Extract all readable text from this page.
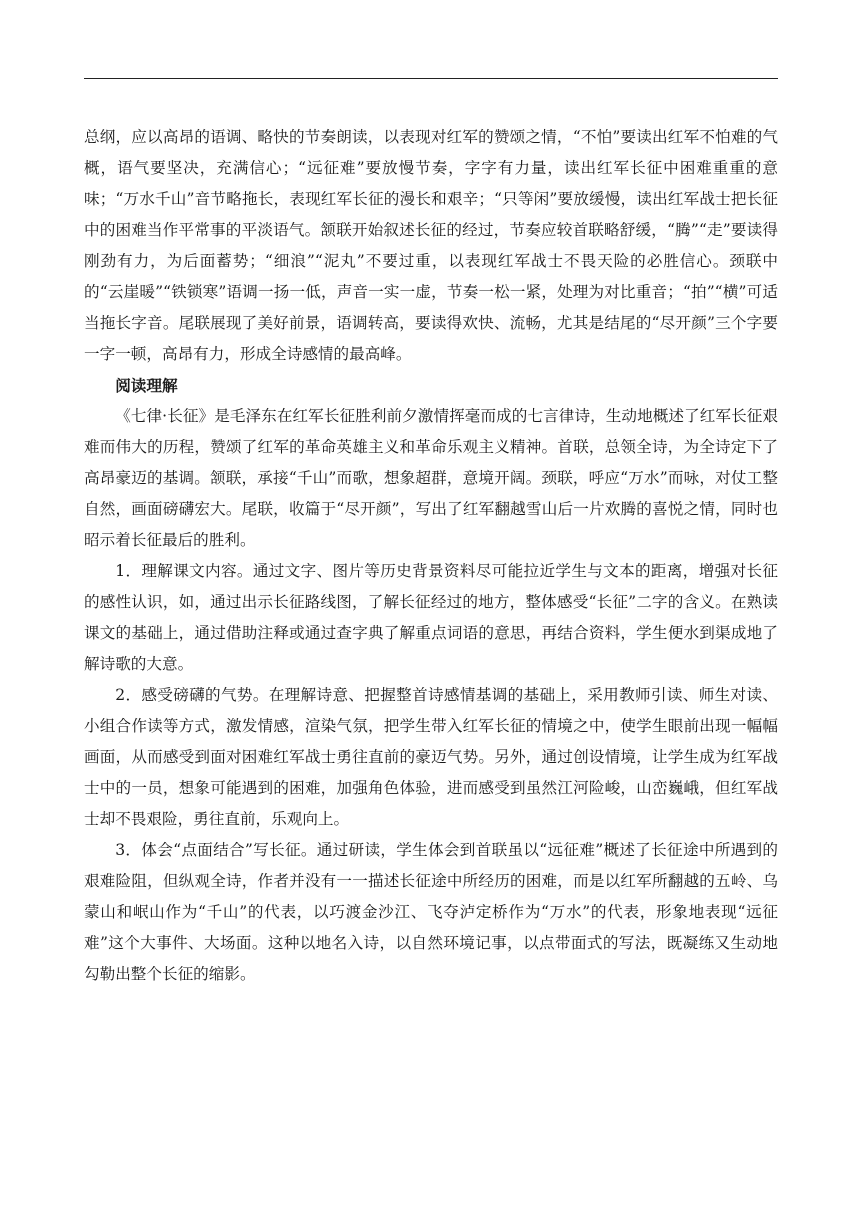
总纲，应以高昂的语调、略快的节奏朗读，以表现对红军的赞颂之情，“不怕”要读出红军不怕难的气概，语气要坚决，充满信心；“远征难”要放慢节奏，字字有力量，读出红军长征中困难重重的意味；“万水千山”音节略拖长，表现红军长征的漫长和艰辛；“只等闲”要放缓慢，读出红军战士把长征中的困难当作平常事的平淡语气。颔联开始叙述长征的经过，节奏应较首联略舒缓，“腾”“走”要读得刚劲有力，为后面蓄势；“细浪”“泥丸”不要过重，以表现红军战士不畏天险的必胜信心。颈联中的“云崖暖”“铁锁寒”语调一扬一低，声音一实一虚，节奏一松一紧，处理为对比重音；“拍”“横”可适当拖长字音。尾联展现了美好前景，语调转高，要读得欢快、流畅，尤其是结尾的“尽开颜”三个字要一字一顿，高昂有力，形成全诗感情的最高峰。

阅读理解

《七律·长征》是毛泽东在红军长征胜利前夕激情挥毫而成的七言律诗，生动地概述了红军长征艰难而伟大的历程，赞颂了红军的革命英雄主义和革命乐观主义精神。首联，总领全诗，为全诗定下了高昂豪迈的基调。颔联，承接“千山”而歌，想象超群，意境开阔。颈联，呼应“万水”而咏，对仗工整自然，画面磅礴宏大。尾联，收篇于“尽开颜”，写出了红军翻越雪山后一片欢腾的喜悦之情，同时也昭示着长征最后的胜利。

1．理解课文内容。通过文字、图片等历史背景资料尽可能拉近学生与文本的距离，增强对长征的感性认识，如，通过出示长征路线图，了解长征经过的地方，整体感受“长征”二字的含义。在熟读课文的基础上，通过借助注释或通过查字典了解重点词语的意思，再结合资料，学生便水到渠成地了解诗歌的大意。

2．感受磅礴的气势。在理解诗意、把握整首诗感情基调的基础上，采用教师引读、师生对读、小组合作读等方式，激发情感，渲染气氛，把学生带入红军长征的情境之中，使学生眼前出现一幅幅画面，从而感受到面对困难红军战士勇往直前的豪迈气势。另外，通过创设情境，让学生成为红军战士中的一员，想象可能遇到的困难，加强角色体验，进而感受到虽然江河险峻，山峦巍峨，但红军战士却不畏艰险，勇往直前，乐观向上。

3．体会“点面结合”写长征。通过研读，学生体会到首联虽以“远征难”概述了长征途中所遇到的艰难险阻，但纵观全诗，作者并没有一一描述长征途中所经历的困难，而是以红军所翻越的五岭、乌蒙山和岷山作为“千山”的代表，以巧渡金沙江、飞夺泸定桥作为“万水”的代表，形象地表现“远征难”这个大事件、大场面。这种以地名入诗，以自然环境记事，以点带面式的写法，既凝练又生动地勾勒出整个长征的缩影。
